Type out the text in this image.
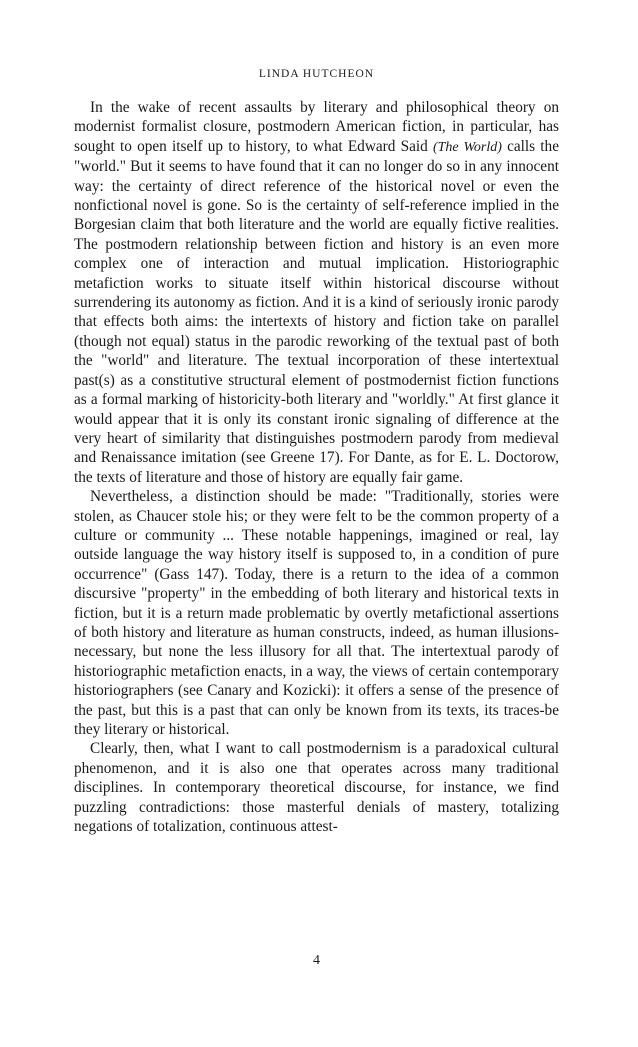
LINDA HUTCHEON

In the wake of recent assaults by literary and philosophical theory on modernist formalist closure, postmodern American fiction, in particular, has sought to open itself up to history, to what Edward Said (The World) calls the "world." But it seems to have found that it can no longer do so in any innocent way: the certainty of direct reference of the historical novel or even the nonfictional novel is gone. So is the certainty of self-reference implied in the Borgesian claim that both literature and the world are equally fictive realities. The postmodern relationship between fiction and history is an even more complex one of interaction and mutual implication. Historiographic metafiction works to situate itself within historical discourse without surrendering its autonomy as fiction. And it is a kind of seriously ironic parody that effects both aims: the intertexts of history and fiction take on parallel (though not equal) status in the parodic reworking of the textual past of both the "world" and literature. The textual incorporation of these intertextual past(s) as a constitutive structural element of postmodernist fiction functions as a formal marking of historicity-both literary and "worldly." At first glance it would appear that it is only its constant ironic signaling of difference at the very heart of similarity that distinguishes postmodern parody from medieval and Renaissance imitation (see Greene 17). For Dante, as for E. L. Doctorow, the texts of literature and those of history are equally fair game.

Nevertheless, a distinction should be made: "Traditionally, stories were stolen, as Chaucer stole his; or they were felt to be the common property of a culture or community ... These notable happenings, imagined or real, lay outside language the way history itself is supposed to, in a condition of pure occurrence" (Gass 147). Today, there is a return to the idea of a common discursive "property" in the embedding of both literary and historical texts in fiction, but it is a return made problematic by overtly metafictional assertions of both history and literature as human constructs, indeed, as human illusions-necessary, but none the less illusory for all that. The intertextual parody of historiographic metafiction enacts, in a way, the views of certain contemporary historiographers (see Canary and Kozicki): it offers a sense of the presence of the past, but this is a past that can only be known from its texts, its traces-be they literary or historical.

Clearly, then, what I want to call postmodernism is a paradoxical cultural phenomenon, and it is also one that operates across many traditional disciplines. In contemporary theoretical discourse, for instance, we find puzzling contradictions: those masterful denials of mastery, totalizing negations of totalization, continuous attest-

4
